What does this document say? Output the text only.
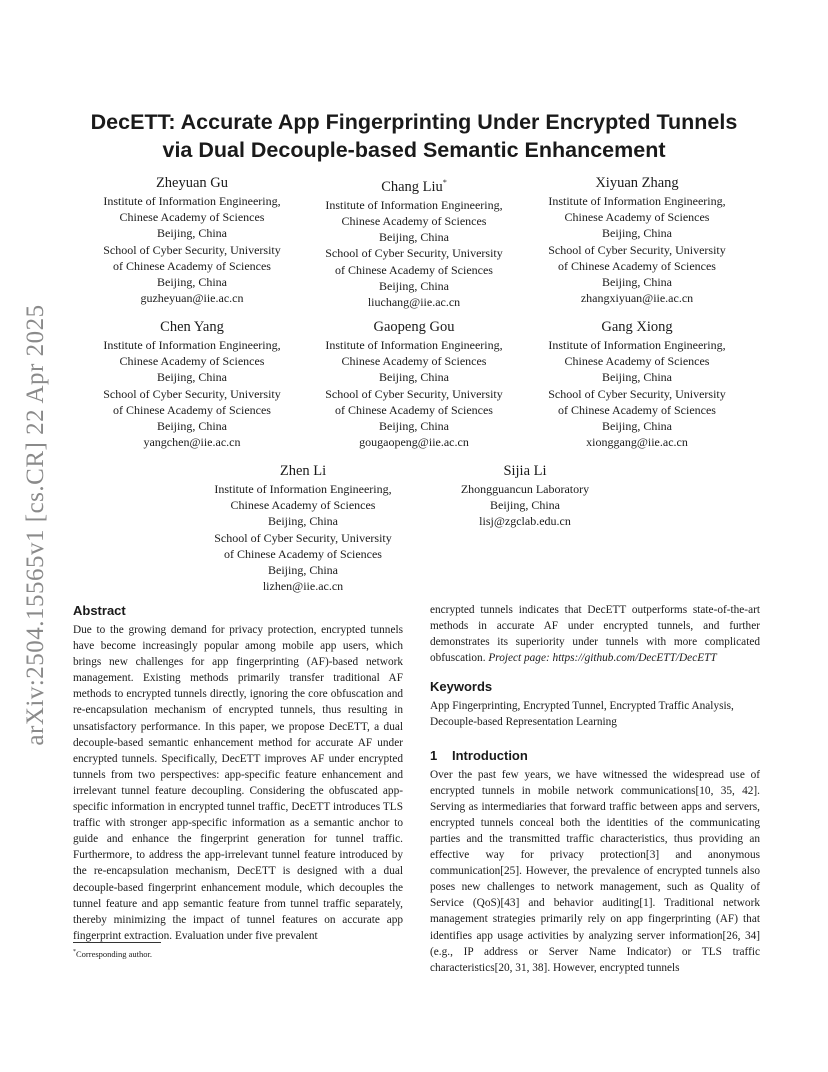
arXiv:2504.15565v1 [cs.CR] 22 Apr 2025
DecETT: Accurate App Fingerprinting Under Encrypted Tunnels
via Dual Decouple-based Semantic Enhancement
Zheyuan Gu
Institute of Information Engineering,
Chinese Academy of Sciences
Beijing, China
School of Cyber Security, University
of Chinese Academy of Sciences
Beijing, China
guzheyuan@iie.ac.cn
Chang Liu*
Institute of Information Engineering,
Chinese Academy of Sciences
Beijing, China
School of Cyber Security, University
of Chinese Academy of Sciences
Beijing, China
liuchang@iie.ac.cn
Xiyuan Zhang
Institute of Information Engineering,
Chinese Academy of Sciences
Beijing, China
School of Cyber Security, University
of Chinese Academy of Sciences
Beijing, China
zhangxiyuan@iie.ac.cn
Chen Yang
Institute of Information Engineering,
Chinese Academy of Sciences
Beijing, China
School of Cyber Security, University
of Chinese Academy of Sciences
Beijing, China
yangchen@iie.ac.cn
Gaopeng Gou
Institute of Information Engineering,
Chinese Academy of Sciences
Beijing, China
School of Cyber Security, University
of Chinese Academy of Sciences
Beijing, China
gougaopeng@iie.ac.cn
Gang Xiong
Institute of Information Engineering,
Chinese Academy of Sciences
Beijing, China
School of Cyber Security, University
of Chinese Academy of Sciences
Beijing, China
xionggang@iie.ac.cn
Zhen Li
Institute of Information Engineering,
Chinese Academy of Sciences
Beijing, China
School of Cyber Security, University
of Chinese Academy of Sciences
Beijing, China
lizhen@iie.ac.cn
Sijia Li
Zhongguancun Laboratory
Beijing, China
lisj@zgclab.edu.cn
Abstract
Due to the growing demand for privacy protection, encrypted tunnels have become increasingly popular among mobile app users, which brings new challenges for app fingerprinting (AF)-based network management. Existing methods primarily transfer traditional AF methods to encrypted tunnels directly, ignoring the core obfuscation and re-encapsulation mechanism of encrypted tunnels, thus resulting in unsatisfactory performance. In this paper, we propose DecETT, a dual decouple-based semantic enhancement method for accurate AF under encrypted tunnels. Specifically, DecETT improves AF under encrypted tunnels from two perspectives: app-specific feature enhancement and irrelevant tunnel feature decoupling. Considering the obfuscated app-specific information in encrypted tunnel traffic, DecETT introduces TLS traffic with stronger app-specific information as a semantic anchor to guide and enhance the fingerprint generation for tunnel traffic. Furthermore, to address the app-irrelevant tunnel feature introduced by the re-encapsulation mechanism, DecETT is designed with a dual decouple-based fingerprint enhancement module, which decouples the tunnel feature and app semantic feature from tunnel traffic separately, thereby minimizing the impact of tunnel features on accurate app fingerprint extraction. Evaluation under five prevalent
encrypted tunnels indicates that DecETT outperforms state-of-the-art methods in accurate AF under encrypted tunnels, and further demonstrates its superiority under tunnels with more complicated obfuscation. Project page: https://github.com/DecETT/DecETT
Keywords
App Fingerprinting, Encrypted Tunnel, Encrypted Traffic Analysis, Decouple-based Representation Learning
1 Introduction
Over the past few years, we have witnessed the widespread use of encrypted tunnels in mobile network communications[10, 35, 42]. Serving as intermediaries that forward traffic between apps and servers, encrypted tunnels conceal both the identities of the communicating parties and the transmitted traffic characteristics, thus providing an effective way for privacy protection[3] and anonymous communication[25]. However, the prevalence of encrypted tunnels also poses new challenges to network management, such as Quality of Service (QoS)[43] and behavior auditing[1]. Traditional network management strategies primarily rely on app fingerprinting (AF) that identifies app usage activities by analyzing server information[26, 34] (e.g., IP address or Server Name Indicator) or TLS traffic characteristics[20, 31, 38]. However, encrypted tunnels
*Corresponding author.
